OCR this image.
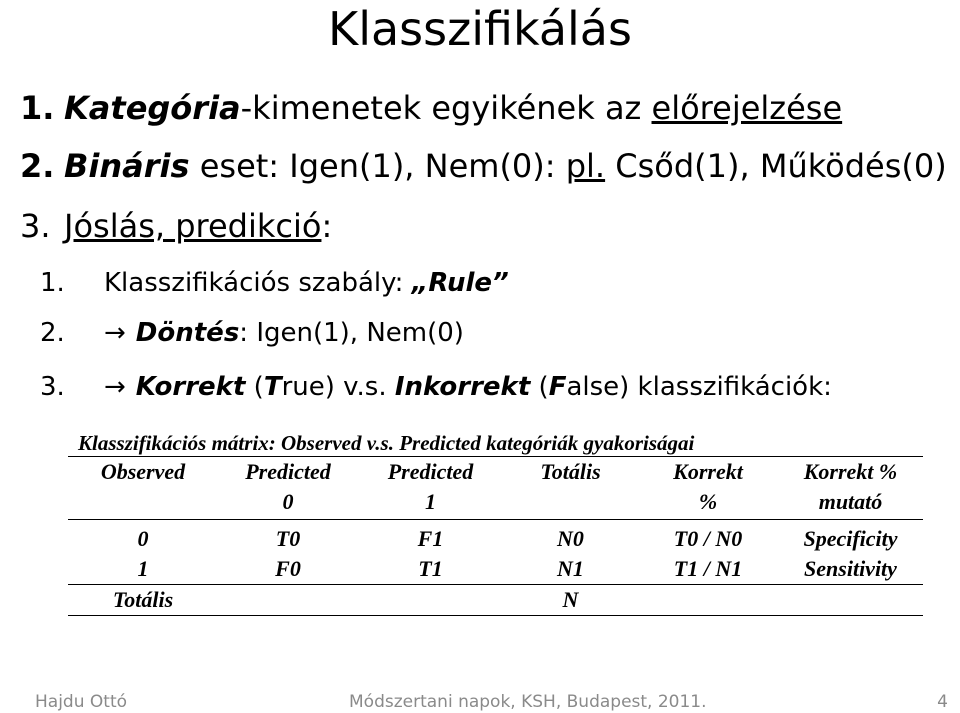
Klasszifikálás
1. Kategória -kimenetek egyikének az előrejelzése
2. Bináris eset: Igen(1), Nem(0): pl. Csőd(1), Működés(0)
3. Jóslás, predikció :
1.	Klasszifikációs szabály: „ Rule ”
2.	→ Döntés : Igen(1), Nem(0)
3.	→ Korrekt ( T rue) v.s. Inkorrekt ( F alse) klasszifikációk:
Klasszifikációs mátrix: Observed v.s. Predicted kategóriák gyakoriságai
Observed	Predicted	Predicted	Totális	Korrekt	Korrekt %
	0	1		%	mutató
0	T0	F1	N0	T0 / N0	Specificity
1	F0	T1	N1	T1 / N1	Sensitivity
Totális			N		
Hajdu Ottó	Módszertani napok, KSH, Budapest, 2011.	4
